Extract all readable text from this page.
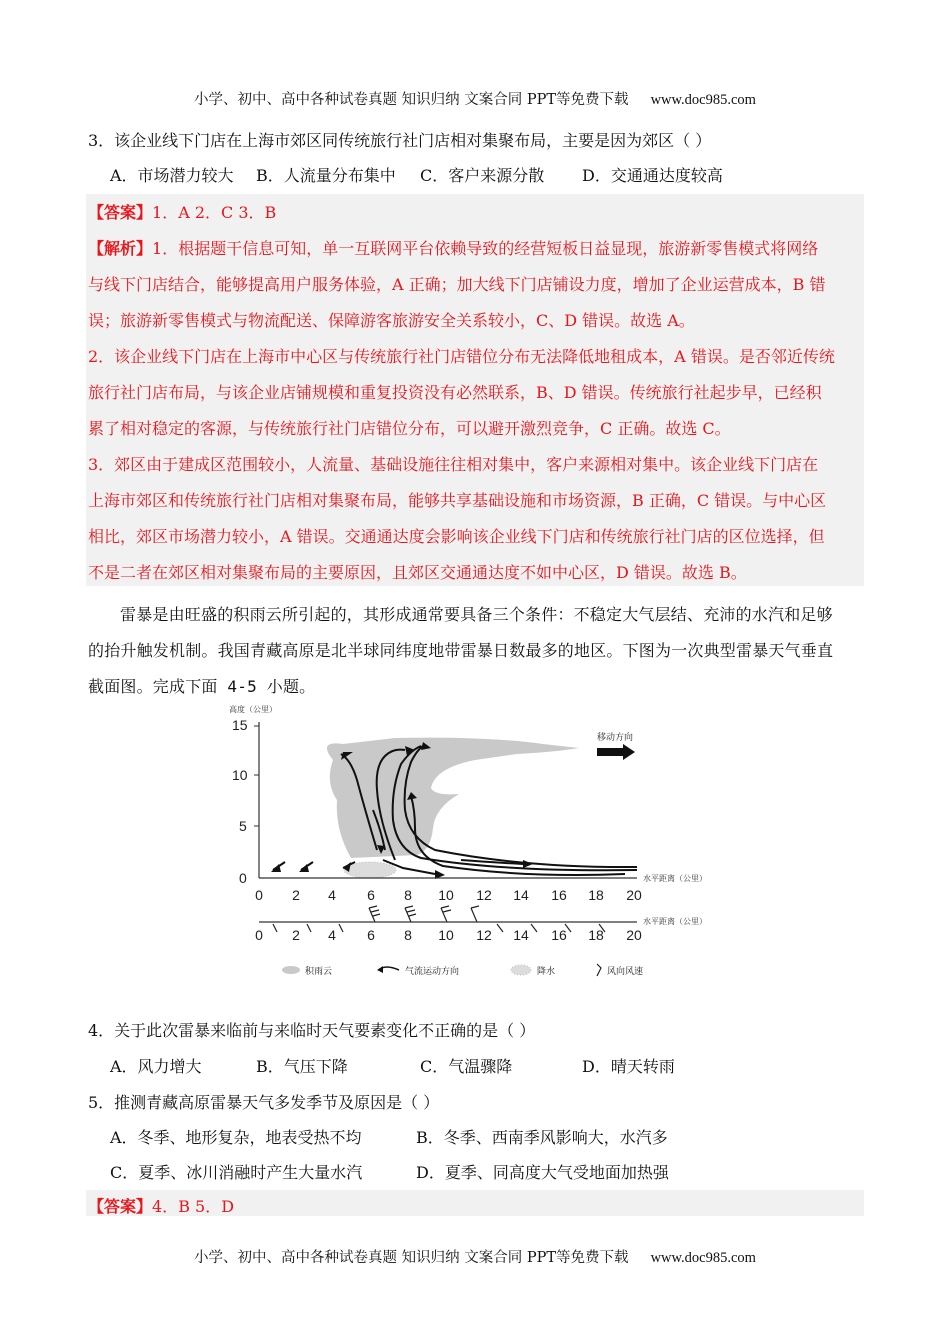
小学、初中、高中各种试卷真题 知识归纳 文案合同 PPT等免费下载 www.doc985.com
3．该企业线下门店在上海市郊区同传统旅行社门店相对集聚布局，主要是因为郊区（ ）
A．市场潜力较大 B．人流量分布集中 C．客户来源分散 D．交通通达度较高
【答案】1．A 2．C 3．B
【解析】1．根据题干信息可知，单一互联网平台依赖导致的经营短板日益显现，旅游新零售模式将网络
与线下门店结合，能够提高用户服务体验，A 正确；加大线下门店铺设力度，增加了企业运营成本，B 错
误；旅游新零售模式与物流配送、保障游客旅游安全关系较小，C、D 错误。故选 A。
2．该企业线下门店在上海市中心区与传统旅行社门店错位分布无法降低地租成本，A 错误。是否邻近传统
旅行社门店布局，与该企业店铺规模和重复投资没有必然联系，B、D 错误。传统旅行社起步早，已经积
累了相对稳定的客源，与传统旅行社门店错位分布，可以避开激烈竞争，C 正确。故选 C。
3．郊区由于建成区范围较小，人流量、基础设施往往相对集中，客户来源相对集中。该企业线下门店在
上海市郊区和传统旅行社门店相对集聚布局，能够共享基础设施和市场资源，B 正确，C 错误。与中心区
相比，郊区市场潜力较小，A 错误。交通通达度会影响该企业线下门店和传统旅行社门店的区位选择，但
不是二者在郊区相对集聚布局的主要原因，且郊区交通通达度不如中心区，D 错误。故选 B。
雷暴是由旺盛的积雨云所引起的，其形成通常要具备三个条件：不稳定大气层结、充沛的水汽和足够
的抬升触发机制。我国青藏高原是北半球同纬度地带雷暴日数最多的地区。下图为一次典型雷暴天气垂直
截面图。完成下面 4-5 小题。
高度（公里）
15
10
5
0
移动方向
0 2 4 6 8 10 12 14 16 18 20
水平距离（公里）
0 2 4 6 8 10 12 14 16 18 20
水平距离（公里）
积雨云	气流运动方向	降水	风向风速
4．关于此次雷暴来临前与来临时天气要素变化不正确的是（ ）
A．风力增大	B．气压下降	C．气温骤降	D．晴天转雨
5．推测青藏高原雷暴天气多发季节及原因是（ ）
A．冬季、地形复杂，地表受热不均	B．冬季、西南季风影响大，水汽多
C．夏季、冰川消融时产生大量水汽	D．夏季、同高度大气受地面加热强
【答案】4．B 5．D
小学、初中、高中各种试卷真题 知识归纳 文案合同 PPT等免费下载 www.doc985.com
